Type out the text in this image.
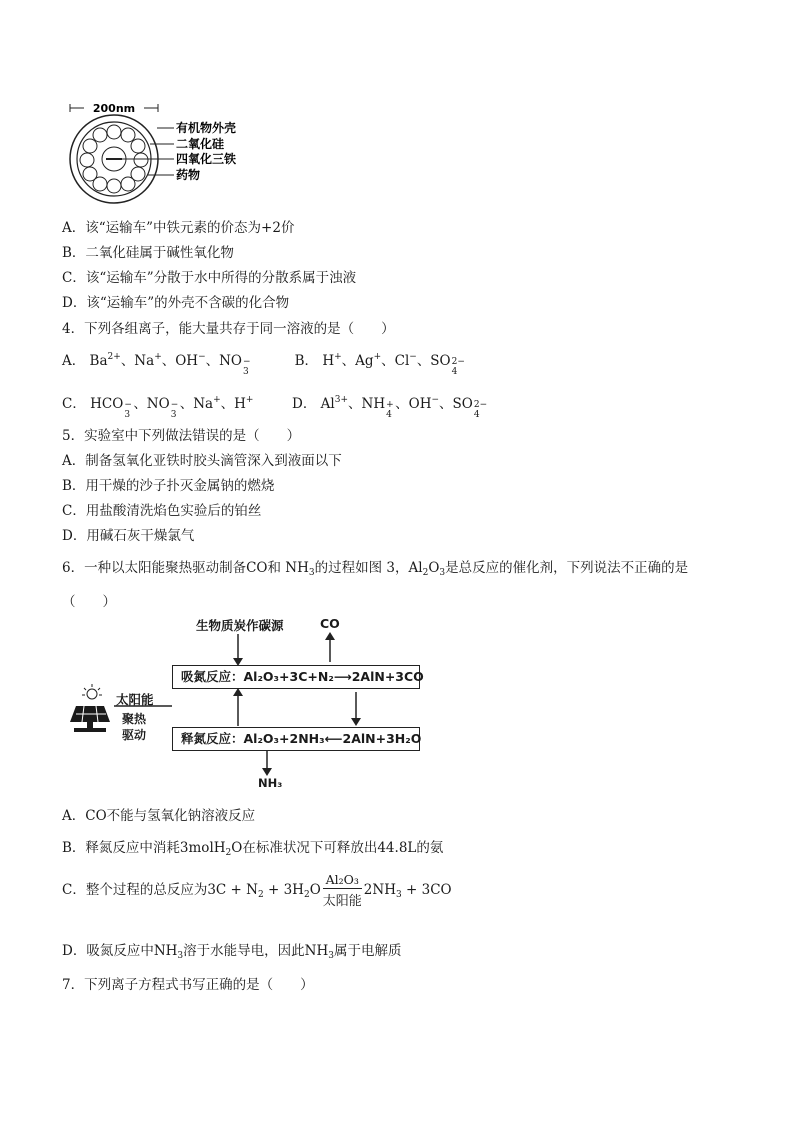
200nm
有机物外壳
二氧化硅
四氧化三铁
药物
A．该“运输车”中铁元素的价态为+2价
B．二氧化硅属于碱性氧化物
C．该“运输车”分散于水中所得的分散系属于浊液
D．该“运输车”的外壳不含碳的化合物
4．下列各组离子，能大量共存于同一溶液的是（　　）
A． $Ba^{2+}$、Na+、OH−、NO −
3
B． H+、Ag+、Cl−、SO 2−
4
C． HCO −
3
、NO −
3
、Na+、H+	D． $Al^{3+}$、NH +
4
、OH−、SO 2−
4
5．实验室中下列做法错误的是（　　）
A．制备氢氧化亚铁时胶头滴管深入到液面以下
B．用干燥的沙子扑灭金属钠的燃烧
C．用盐酸清洗焰色实验后的铂丝
D．用碱石灰干燥氯气
6．一种以太阳能聚热驱动制备CO和 $NH_3$的过程如图 3，$Al_2O_3$是总反应的催化剂，下列说法不正确的是
（　　）
生物质炭作碳源	CO
吸氮反应：Al₂O₃+3C+N₂⟶2AlN+3CO
释氮反应：Al₂O₃+2NH₃⟵2AlN+3H₂O
太阳能
聚热
驱动
NH₃
A．CO不能与氢氧化钠溶液反应
B．释氮反应中消耗3molH$_2$O在标准状况下可释放出44.8L的氨
C．整个过程的总反应为$3C + N_2 + 3H_2O \frac{\text{Al₂O₃}}{\text{太阳能}} 2NH_3 + 3CO$
D．吸氮反应中$NH_3$溶于水能导电，因此$NH_3$属于电解质
7．下列离子方程式书写正确的是（　　）
